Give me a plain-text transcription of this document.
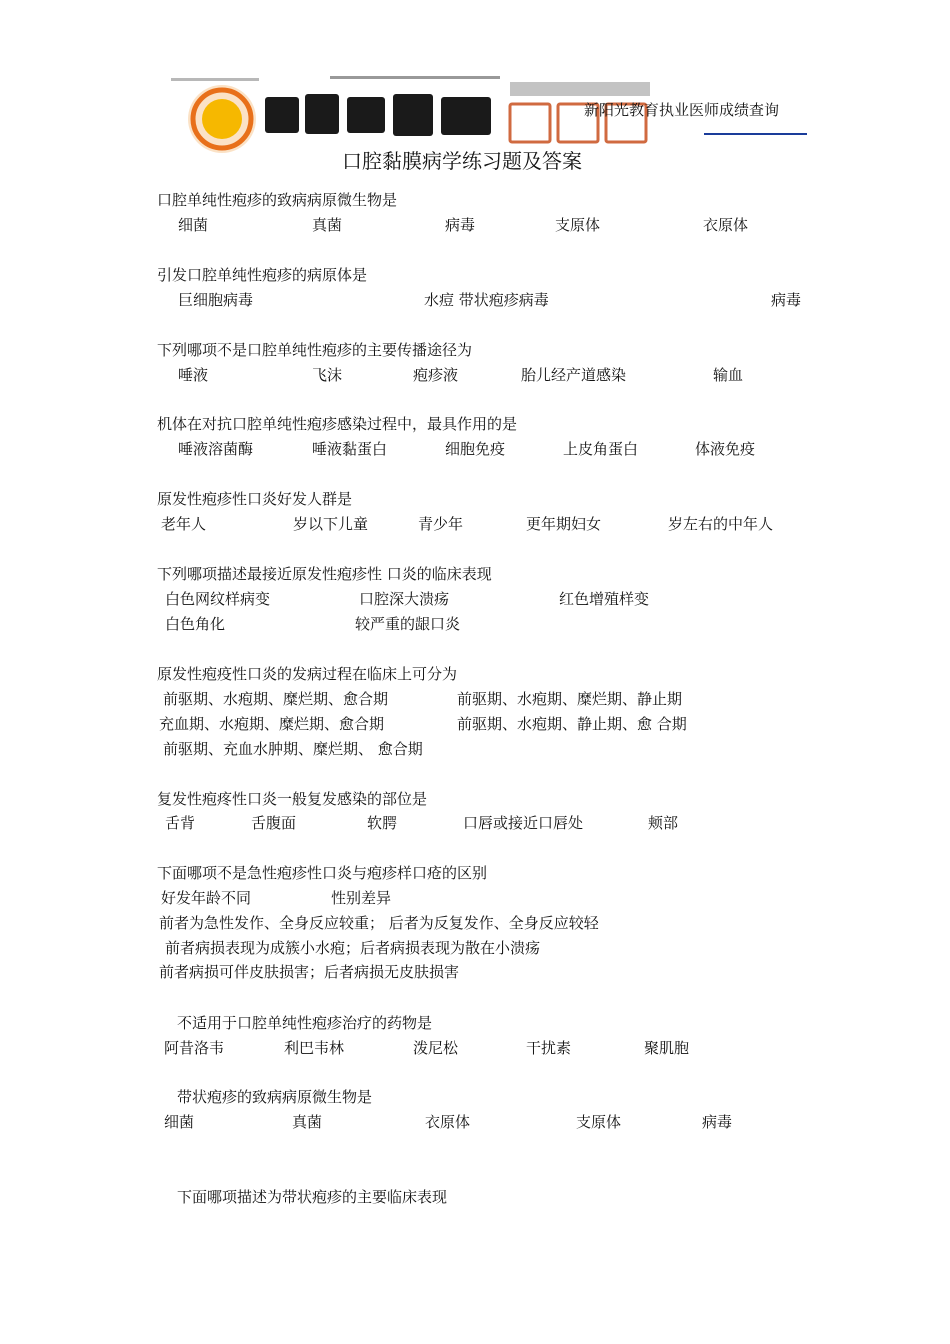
新阳光教育执业医师成绩查询
口腔黏膜病学练习题及答案
口腔单纯性疱疹的致病病原微生物是
细菌	真菌	病毒	支原体	衣原体
引发口腔单纯性疱疹的病原体是
巨细胞病毒	水痘 带状疱疹病毒	病毒
下列哪项不是口腔单纯性疱疹的主要传播途径为
唾液	飞沫	疱疹液	胎儿经产道感染	输血
机体在对抗口腔单纯性疱疹感染过程中，最具作用的是
唾液溶菌酶	唾液黏蛋白	细胞免疫	上皮角蛋白	体液免疫
原发性疱疹性口炎好发人群是
老年人	岁以下儿童	青少年	更年期妇女	岁左右的中年人
下列哪项描述最接近原发性疱疹性 口炎的临床表现
白色网纹样病变	口腔深大溃疡	红色增殖样变
白色角化	较严重的龈口炎
原发性疱疫性口炎的发病过程在临床上可分为
前驱期、水疱期、糜烂期、愈合期	前驱期、水疱期、糜烂期、静止期
充血期、水疱期、糜烂期、愈合期	前驱期、水疱期、静止期、愈 合期
前驱期、充血水肿期、糜烂期、 愈合期
复发性疱疼性口炎一般复发感染的部位是
舌背	舌腹面	软腭	口唇或接近口唇处	颊部
下面哪项不是急性疱疹性口炎与疱疹样口疮的区别
好发年龄不同	性别差异
前者为急性发作、全身反应较重； 后者为反复发作、全身反应较轻
前者病损表现为成簇小水疱；后者病损表现为散在小溃疡
前者病损可伴皮肤损害；后者病损无皮肤损害
不适用于口腔单纯性疱疹治疗的药物是
阿昔洛韦	利巴韦林	泼尼松	干扰素	聚肌胞
带状疱疹的致病病原微生物是
细菌	真菌	衣原体	支原体	病毒
下面哪项描述为带状疱疹的主要临床表现
